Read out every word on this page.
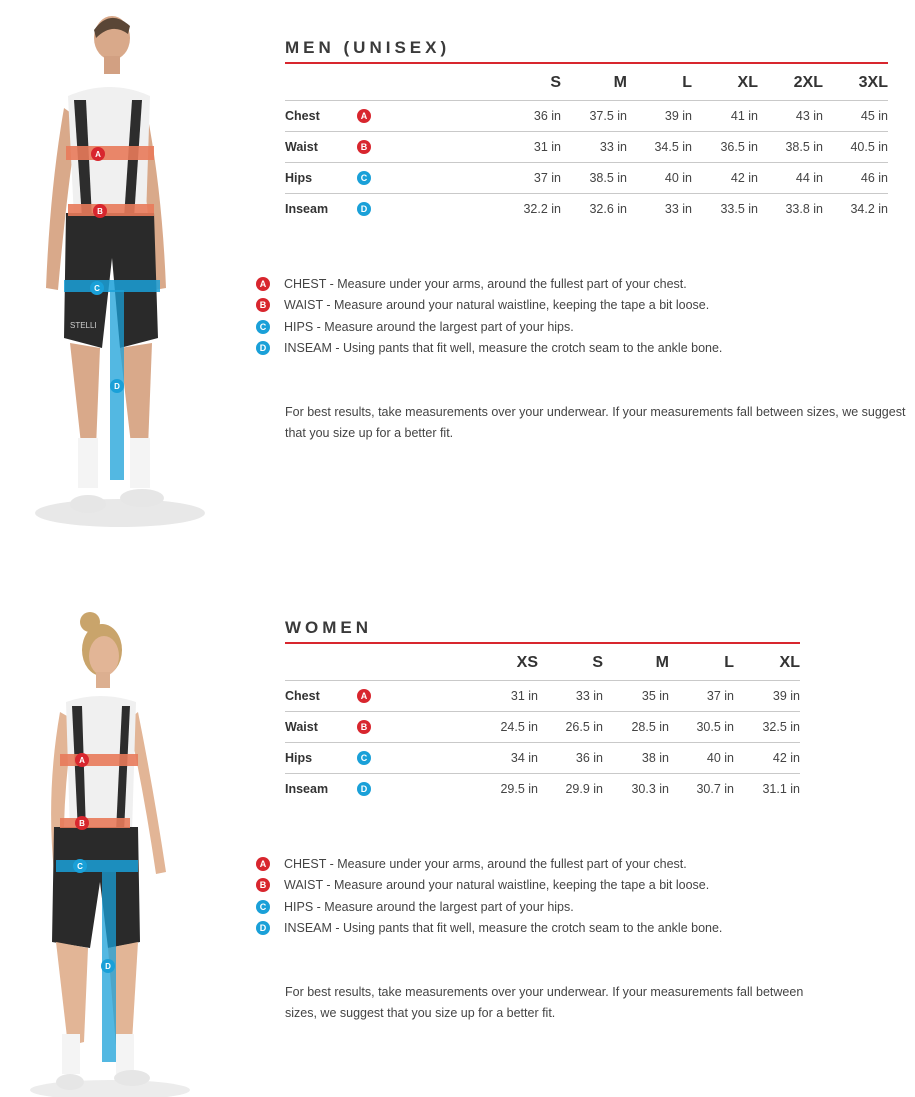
STELLI
A
B
C
D
MEN (UNISEX)
		S	M	L	XL	2XL	3XL
Chest	A	36 in	37.5 in	39 in	41 in	43 in	45 in
Waist	B	31 in	33 in	34.5 in	36.5 in	38.5 in	40.5 in
Hips	C	37 in	38.5 in	40 in	42 in	44 in	46 in
Inseam	D	32.2 in	32.6 in	33 in	33.5 in	33.8 in	34.2 in
A	CHEST - Measure under your arms, around the fullest part of your chest.
B	WAIST - Measure around your natural waistline, keeping the tape a bit loose.
C	HIPS - Measure around the largest part of your hips.
D	INSEAM - Using pants that fit well, measure the crotch seam to the ankle bone.

For best results, take measurements over your underwear. If your measurements fall between sizes, we suggest
that you size up for a better fit.

A
B
C
D
WOMEN
		XS	S	M	L	XL
Chest	A	31 in	33 in	35 in	37 in	39 in
Waist	B	24.5 in	26.5 in	28.5 in	30.5 in	32.5 in
Hips	C	34 in	36 in	38 in	40 in	42 in
Inseam	D	29.5 in	29.9 in	30.3 in	30.7 in	31.1 in
A	CHEST - Measure under your arms, around the fullest part of your chest.
B	WAIST - Measure around your natural waistline, keeping the tape a bit loose.
C	HIPS - Measure around the largest part of your hips.
D	INSEAM - Using pants that fit well, measure the crotch seam to the ankle bone.

For best results, take measurements over your underwear. If your measurements fall between
sizes, we suggest that you size up for a better fit.
